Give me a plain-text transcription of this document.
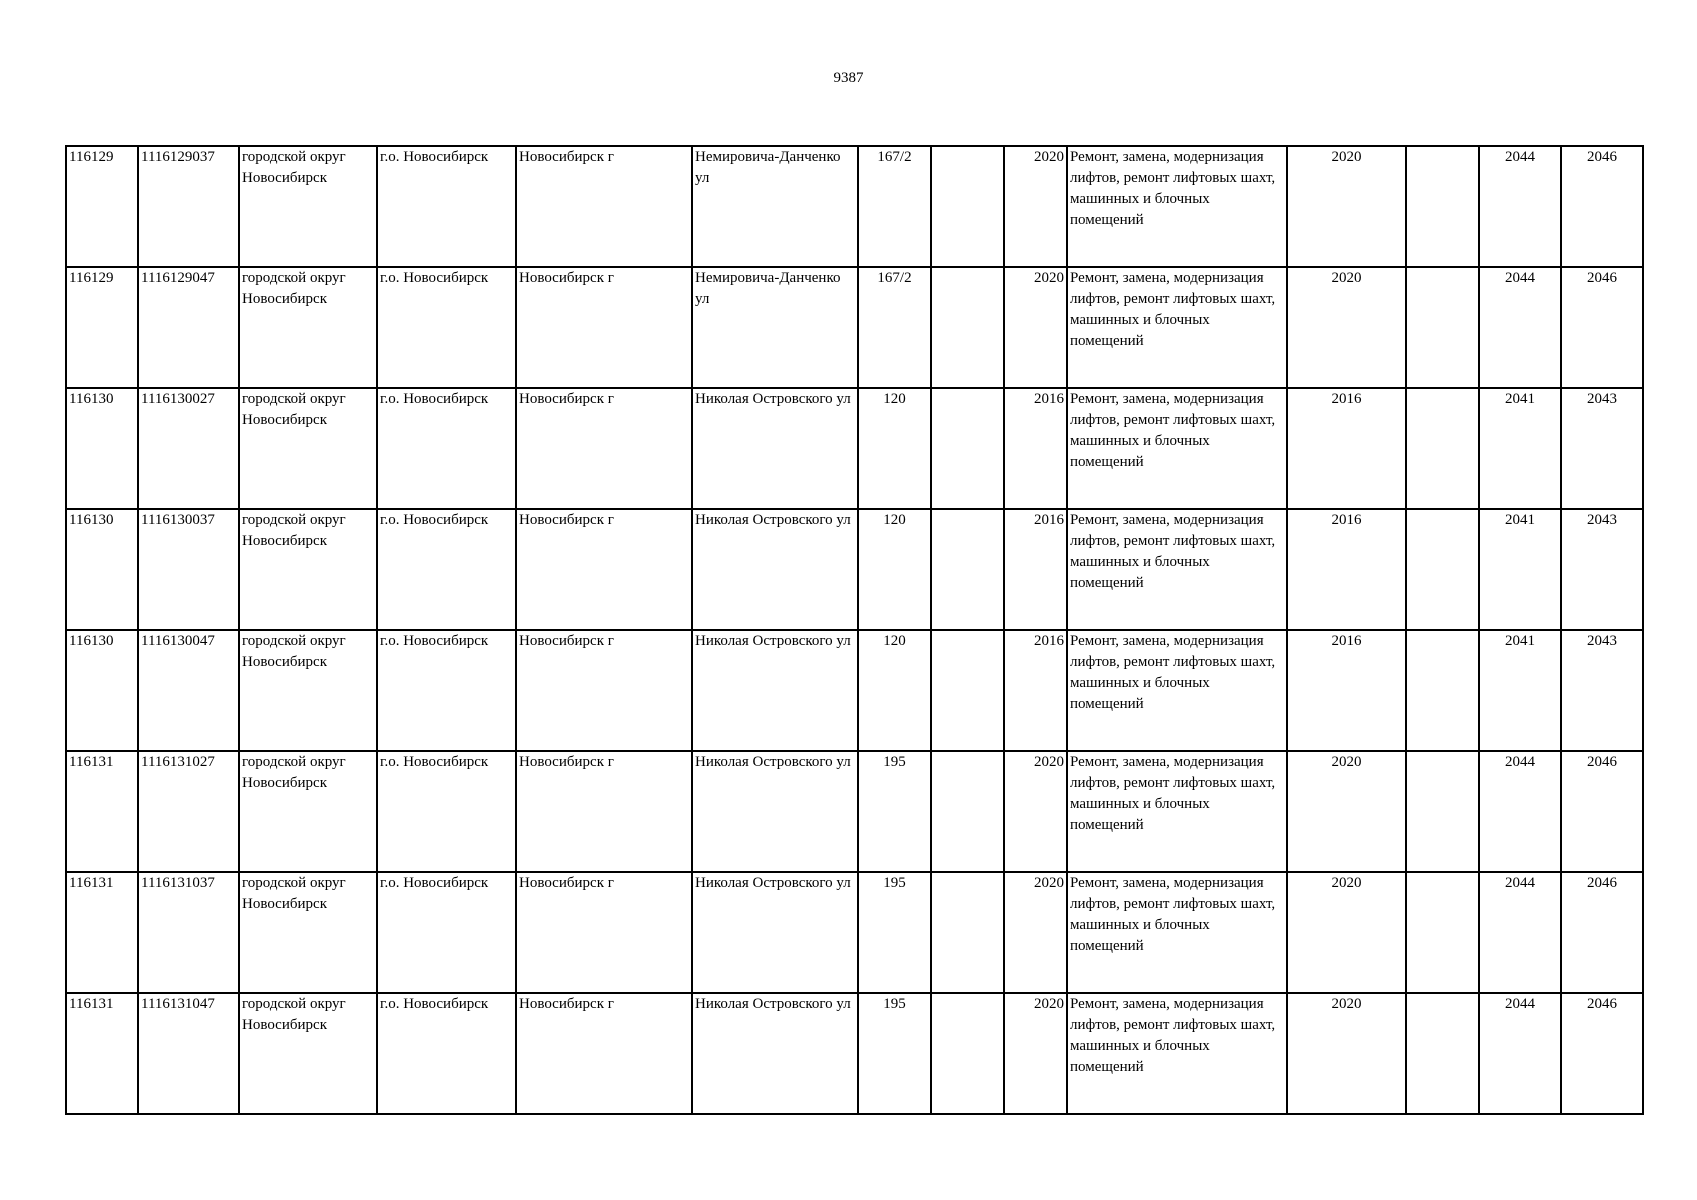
9387
116129	1116129037	городской округ Новосибирск	г.о. Новосибирск	Новосибирск г	Немировича-Данченко ул	167/2		2020	Ремонт, замена, модернизация лифтов, ремонт лифтовых шахт, машинных и блочных помещений	2020		2044	2046
116129	1116129047	городской округ Новосибирск	г.о. Новосибирск	Новосибирск г	Немировича-Данченко ул	167/2		2020	Ремонт, замена, модернизация лифтов, ремонт лифтовых шахт, машинных и блочных помещений	2020		2044	2046
116130	1116130027	городской округ Новосибирск	г.о. Новосибирск	Новосибирск г	Николая Островского ул	120		2016	Ремонт, замена, модернизация лифтов, ремонт лифтовых шахт, машинных и блочных помещений	2016		2041	2043
116130	1116130037	городской округ Новосибирск	г.о. Новосибирск	Новосибирск г	Николая Островского ул	120		2016	Ремонт, замена, модернизация лифтов, ремонт лифтовых шахт, машинных и блочных помещений	2016		2041	2043
116130	1116130047	городской округ Новосибирск	г.о. Новосибирск	Новосибирск г	Николая Островского ул	120		2016	Ремонт, замена, модернизация лифтов, ремонт лифтовых шахт, машинных и блочных помещений	2016		2041	2043
116131	1116131027	городской округ Новосибирск	г.о. Новосибирск	Новосибирск г	Николая Островского ул	195		2020	Ремонт, замена, модернизация лифтов, ремонт лифтовых шахт, машинных и блочных помещений	2020		2044	2046
116131	1116131037	городской округ Новосибирск	г.о. Новосибирск	Новосибирск г	Николая Островского ул	195		2020	Ремонт, замена, модернизация лифтов, ремонт лифтовых шахт, машинных и блочных помещений	2020		2044	2046
116131	1116131047	городской округ Новосибирск	г.о. Новосибирск	Новосибирск г	Николая Островского ул	195		2020	Ремонт, замена, модернизация лифтов, ремонт лифтовых шахт, машинных и блочных помещений	2020		2044	2046
